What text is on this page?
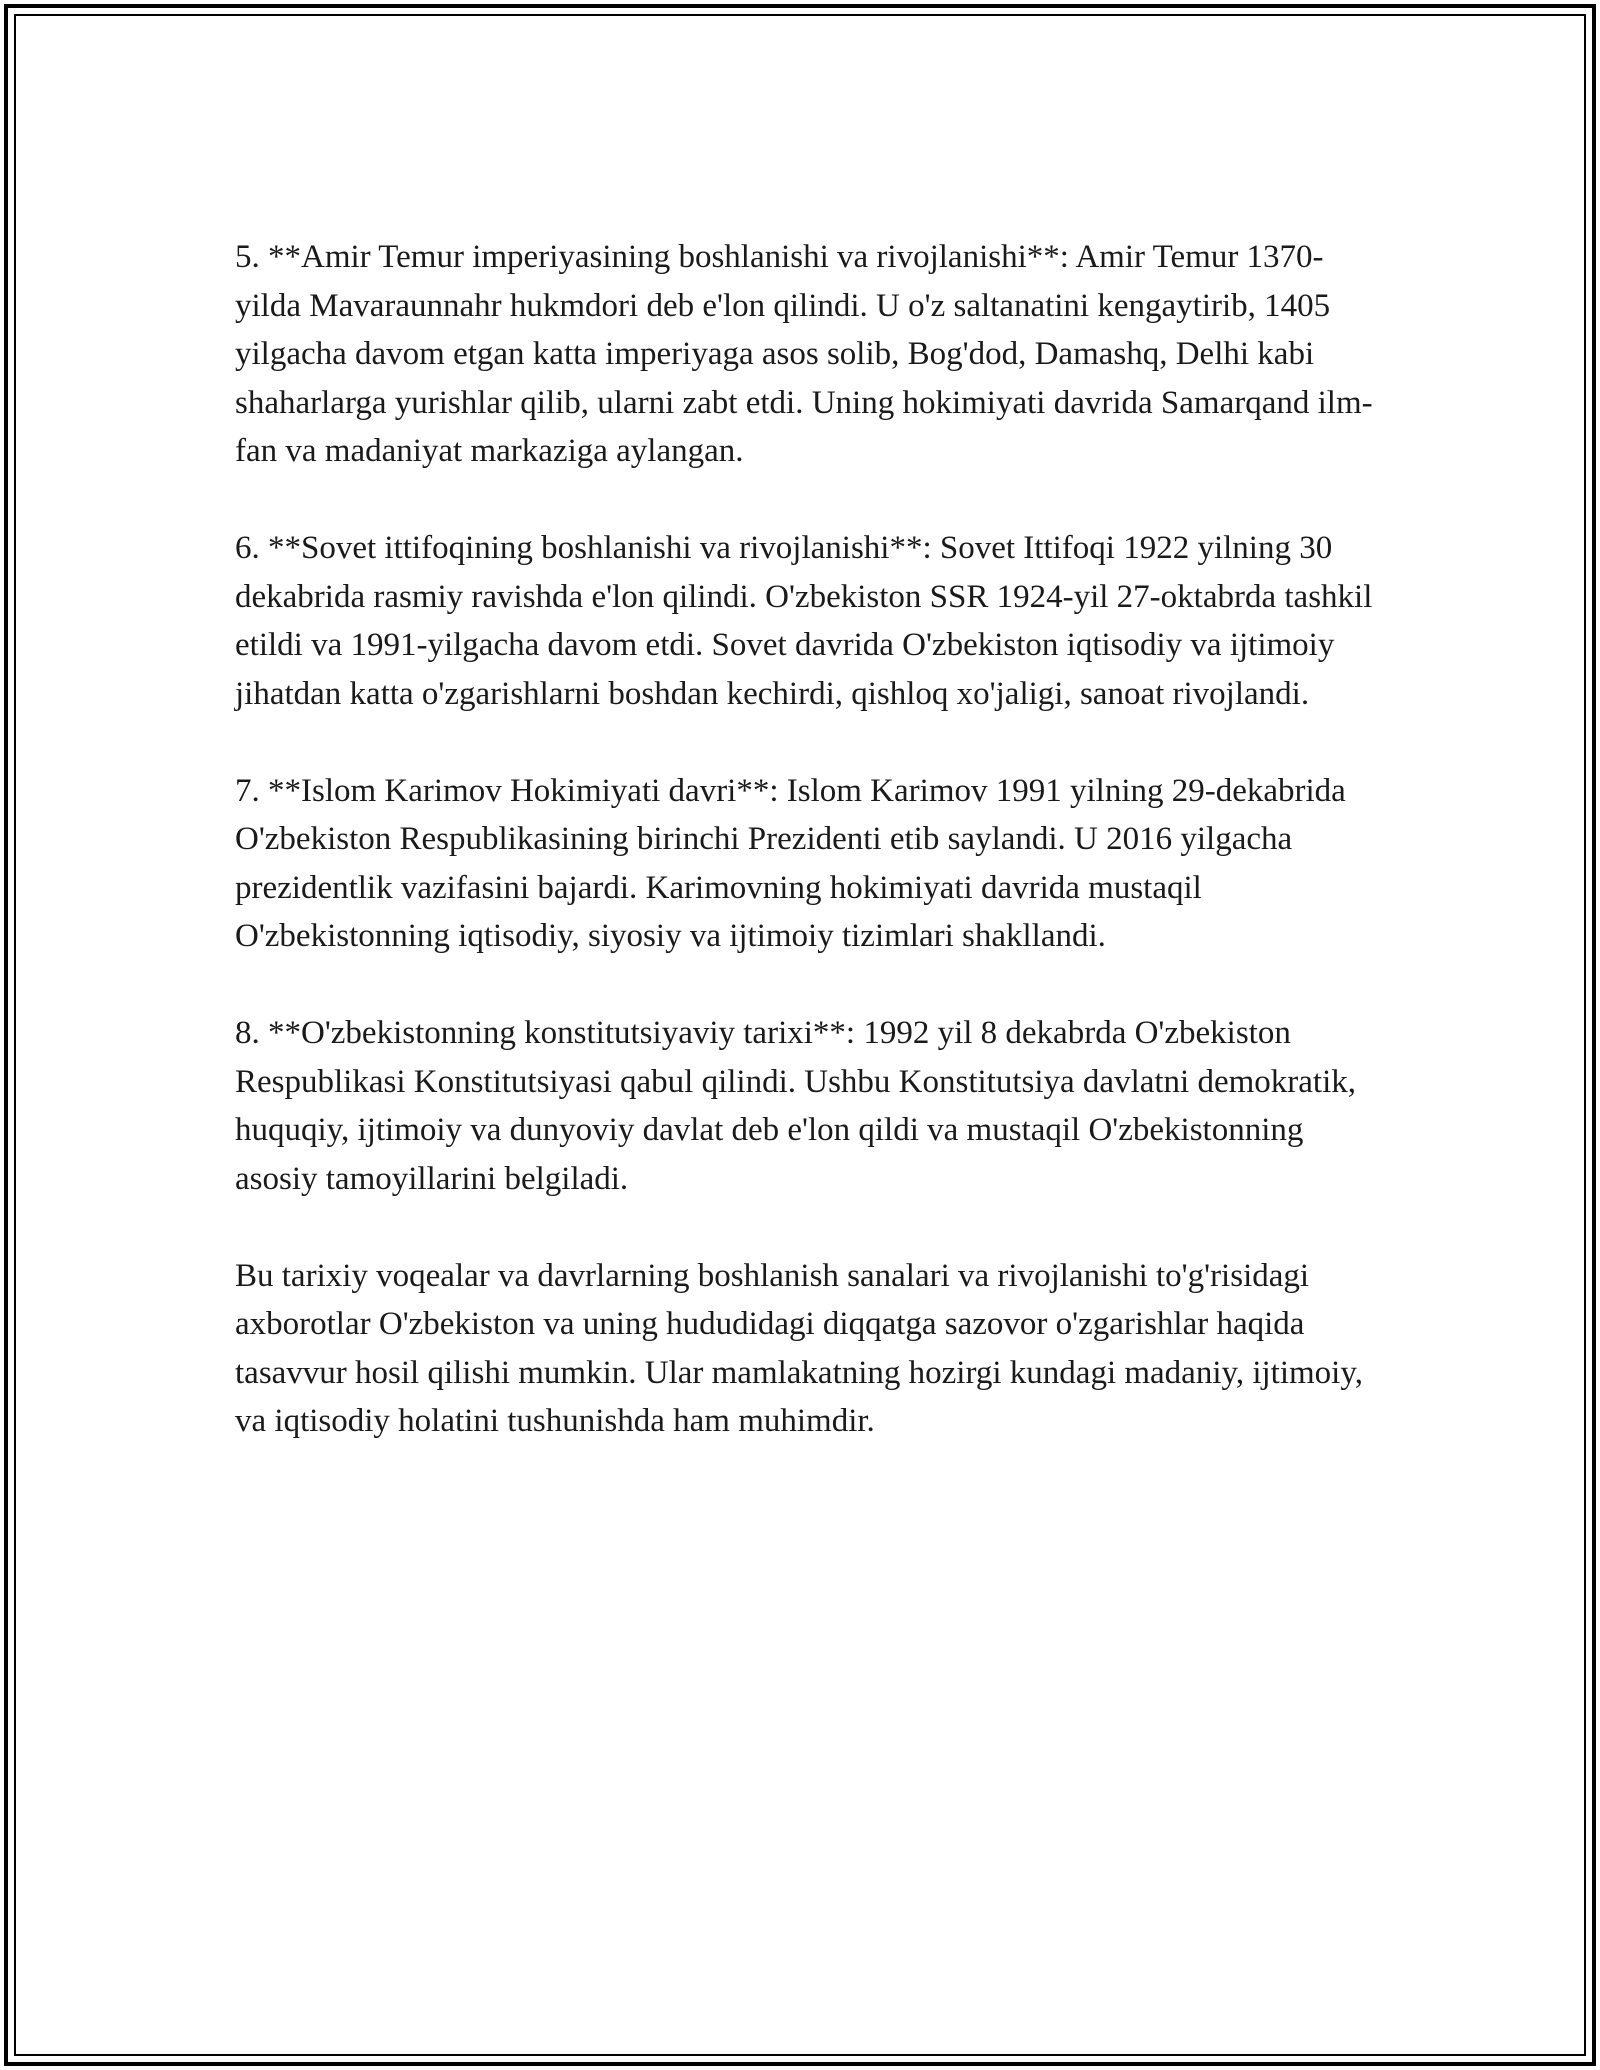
5. **Amir Temur imperiyasining boshlanishi va rivojlanishi**: Amir Temur 1370-yilda Mavaraunnahr hukmdori deb e'lon qilindi. U o'z saltanatini kengaytirib, 1405 yilgacha davom etgan katta imperiyaga asos solib, Bog'dod, Damashq, Delhi kabi shaharlarga yurishlar qilib, ularni zabt etdi. Uning hokimiyati davrida Samarqand ilm-fan va madaniyat markaziga aylangan.

6. **Sovet ittifoqining boshlanishi va rivojlanishi**: Sovet Ittifoqi 1922 yilning 30 dekabrida rasmiy ravishda e'lon qilindi. O'zbekiston SSR 1924-yil 27-oktabrda tashkil etildi va 1991-yilgacha davom etdi. Sovet davrida O'zbekiston iqtisodiy va ijtimoiy jihatdan katta o'zgarishlarni boshdan kechirdi, qishloq xo'jaligi, sanoat rivojlandi.

7. **Islom Karimov Hokimiyati davri**: Islom Karimov 1991 yilning 29-dekabrida O'zbekiston Respublikasining birinchi Prezidenti etib saylandi. U 2016 yilgacha prezidentlik vazifasini bajardi. Karimovning hokimiyati davrida mustaqil O'zbekistonning iqtisodiy, siyosiy va ijtimoiy tizimlari shakllandi.

8. **O'zbekistonning konstitutsiyaviy tarixi**: 1992 yil 8 dekabrda O'zbekiston Respublikasi Konstitutsiyasi qabul qilindi. Ushbu Konstitutsiya davlatni demokratik, huquqiy, ijtimoiy va dunyoviy davlat deb e'lon qildi va mustaqil O'zbekistonning asosiy tamoyillarini belgiladi.

Bu tarixiy voqealar va davrlarning boshlanish sanalari va rivojlanishi to'g'risidagi axborotlar O'zbekiston va uning hududidagi diqqatga sazovor o'zgarishlar haqida tasavvur hosil qilishi mumkin. Ular mamlakatning hozirgi kundagi madaniy, ijtimoiy, va iqtisodiy holatini tushunishda ham muhimdir.
